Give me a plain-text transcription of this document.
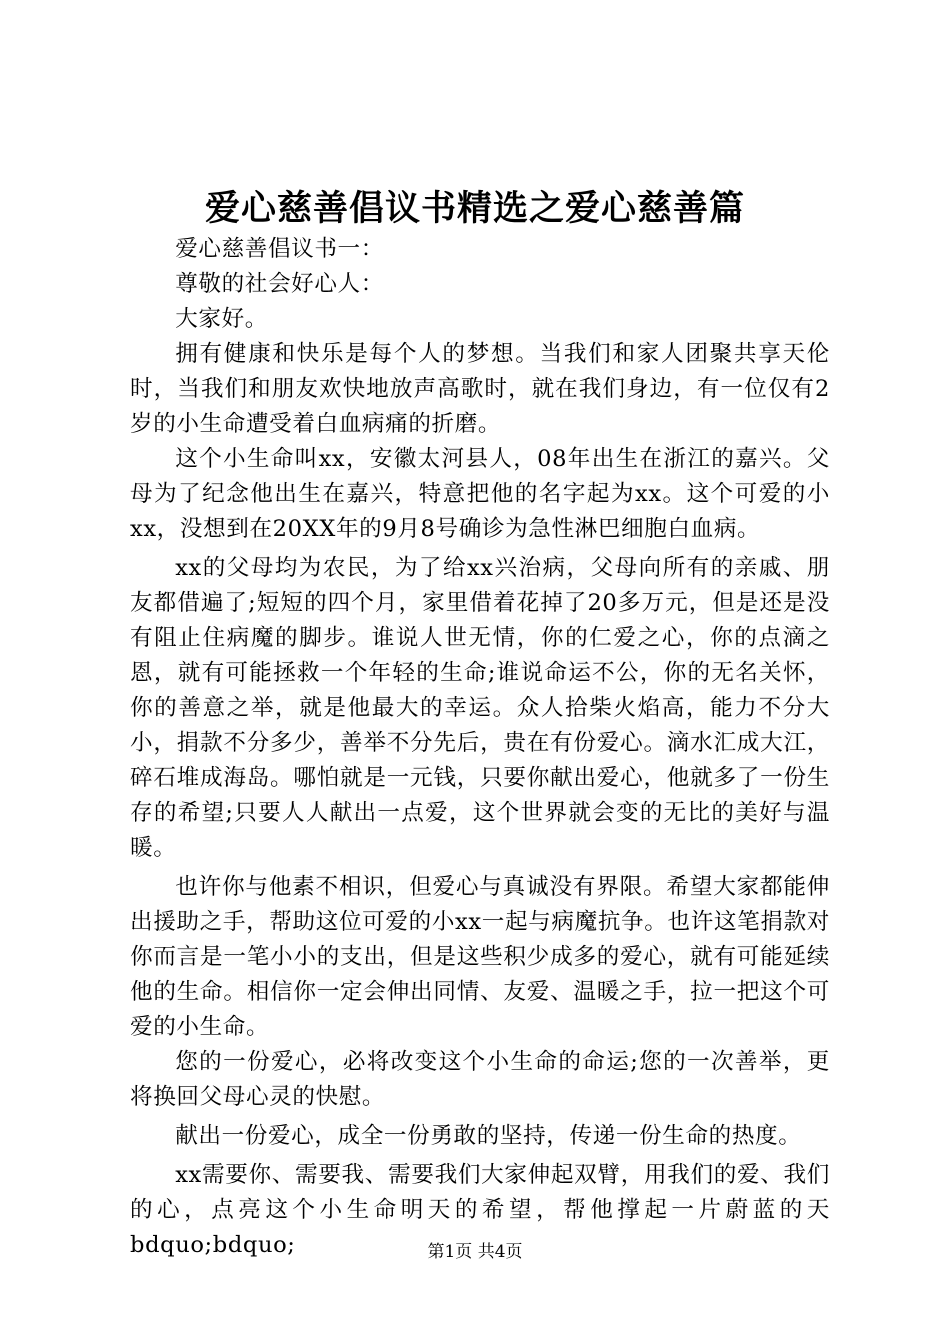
爱心慈善倡议书精选之爱心慈善篇

爱心慈善倡议书一：

尊敬的社会好心人：

大家好。

拥有健康和快乐是每个人的梦想。当我们和家人团聚共享天伦时，当我们和朋友欢快地放声高歌时，就在我们身边，有一位仅有2岁的小生命遭受着白血病痛的折磨。

这个小生命叫xx，安徽太河县人，08年出生在浙江的嘉兴。父母为了纪念他出生在嘉兴，特意把他的名字起为xx。这个可爱的小xx，没想到在20XX年的9月8号确诊为急性淋巴细胞白血病。

xx的父母均为农民，为了给xx兴治病，父母向所有的亲戚、朋友都借遍了;短短的四个月，家里借着花掉了20多万元，但是还是没有阻止住病魔的脚步。谁说人世无情，你的仁爱之心，你的点滴之恩，就有可能拯救一个年轻的生命;谁说命运不公，你的无名关怀，你的善意之举，就是他最大的幸运。众人拾柴火焰高，能力不分大小，捐款不分多少，善举不分先后，贵在有份爱心。滴水汇成大江，碎石堆成海岛。哪怕就是一元钱，只要你献出爱心，他就多了一份生存的希望;只要人人献出一点爱，这个世界就会变的无比的美好与温暖。

也许你与他素不相识，但爱心与真诚没有界限。希望大家都能伸出援助之手，帮助这位可爱的小xx一起与病魔抗争。也许这笔捐款对你而言是一笔小小的支出，但是这些积少成多的爱心，就有可能延续他的生命。相信你一定会伸出同情、友爱、温暖之手，拉一把这个可爱的小生命。

您的一份爱心，必将改变这个小生命的命运;您的一次善举，更将换回父母心灵的快慰。

献出一份爱心，成全一份勇敢的坚持，传递一份生命的热度。

xx需要你、需要我、需要我们大家伸起双臂，用我们的爱、我们的心，点亮这个小生命明天的希望，帮他撑起一片蔚蓝的天bdquo;bdquo;	第1页 共4页
